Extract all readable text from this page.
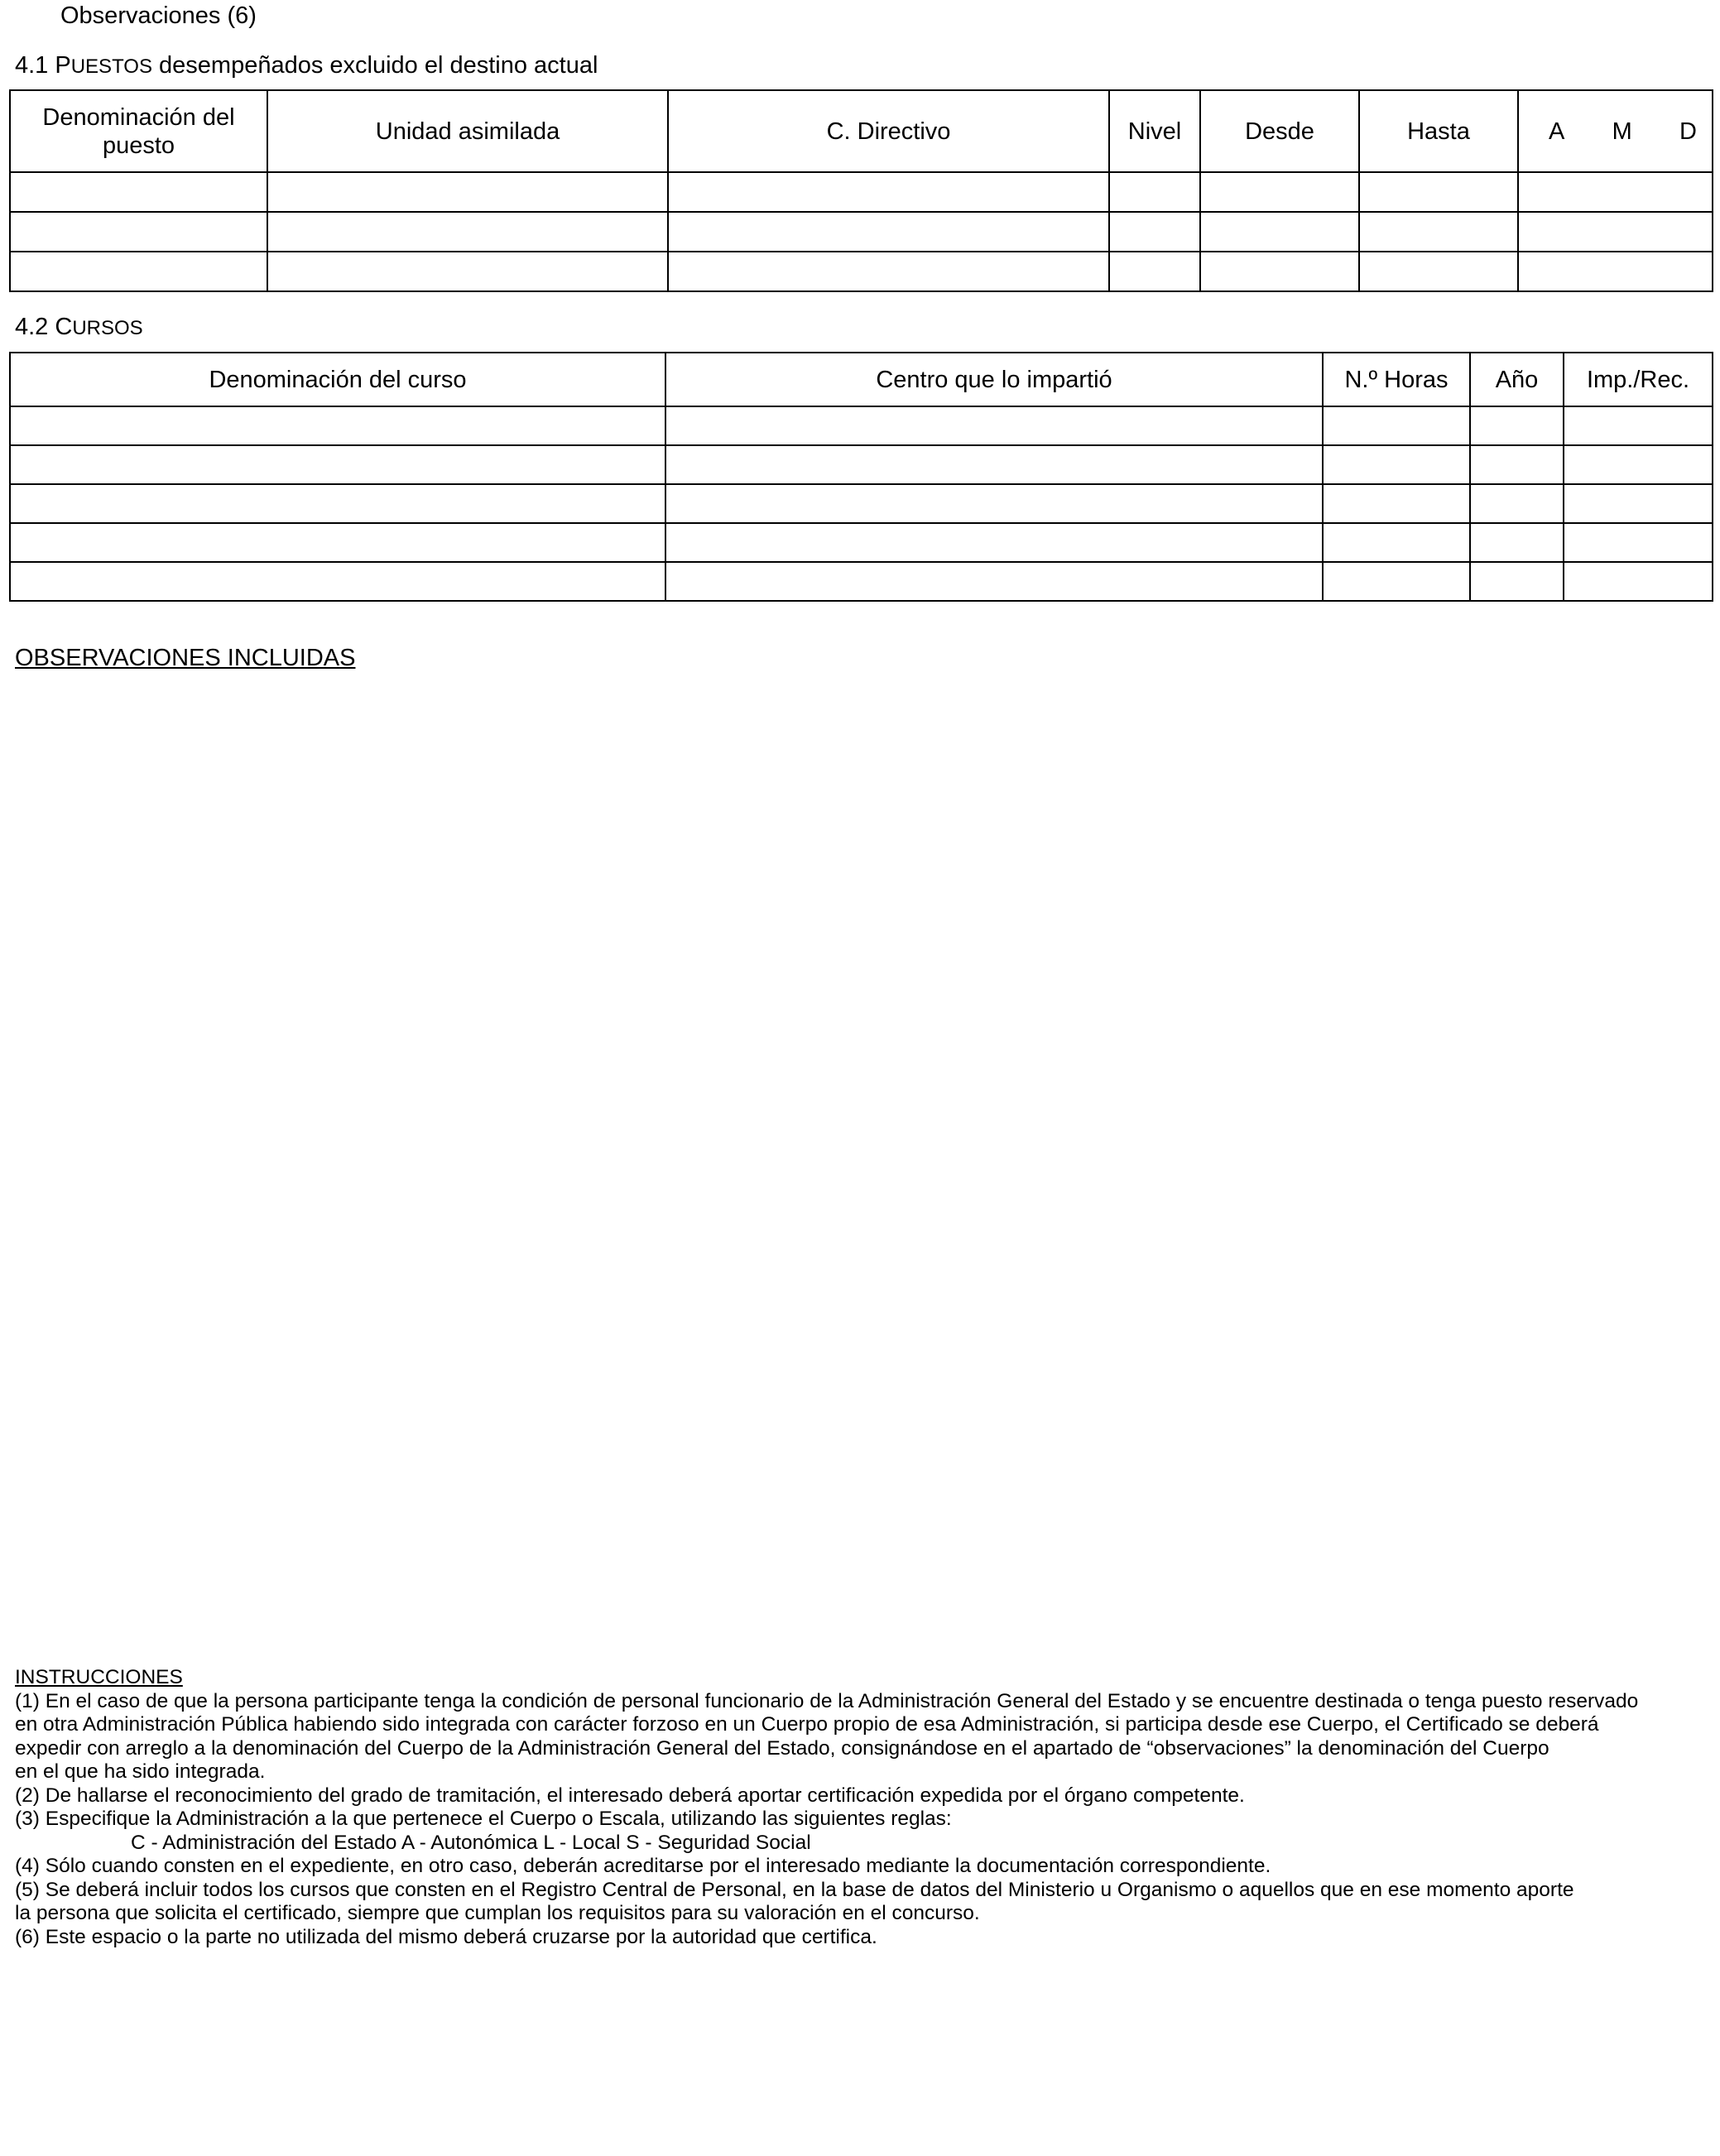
Observaciones (6)
4.1 PUESTOS desempeñados excluido el destino actual
Denominación del puesto	Unidad asimilada	C. Directivo	Nivel	Desde	Hasta	A M D

4.2 CURSOS
Denominación del curso	Centro que lo impartió	N.º Horas	Año	Imp./Rec.

OBSERVACIONES INCLUIDAS

INSTRUCCIONES

(1) En el caso de que la persona participante tenga la condición de personal funcionario de la Administración General del Estado y se encuentre destinada o tenga puesto reservado

en otra Administración Pública habiendo sido integrada con carácter forzoso en un Cuerpo propio de esa Administración, si participa desde ese Cuerpo, el Certificado se deberá

expedir con arreglo a la denominación del Cuerpo de la Administración General del Estado, consignándose en el apartado de “observaciones” la denominación del Cuerpo

en el que ha sido integrada.

(2) De hallarse el reconocimiento del grado de tramitación, el interesado deberá aportar certificación expedida por el órgano competente.

(3) Especifique la Administración a la que pertenece el Cuerpo o Escala, utilizando las siguientes reglas:

C - Administración del Estado A - Autonómica L - Local S - Seguridad Social

(4) Sólo cuando consten en el expediente, en otro caso, deberán acreditarse por el interesado mediante la documentación correspondiente.

(5) Se deberá incluir todos los cursos que consten en el Registro Central de Personal, en la base de datos del Ministerio u Organismo o aquellos que en ese momento aporte

la persona que solicita el certificado, siempre que cumplan los requisitos para su valoración en el concurso.

(6) Este espacio o la parte no utilizada del mismo deberá cruzarse por la autoridad que certifica.
